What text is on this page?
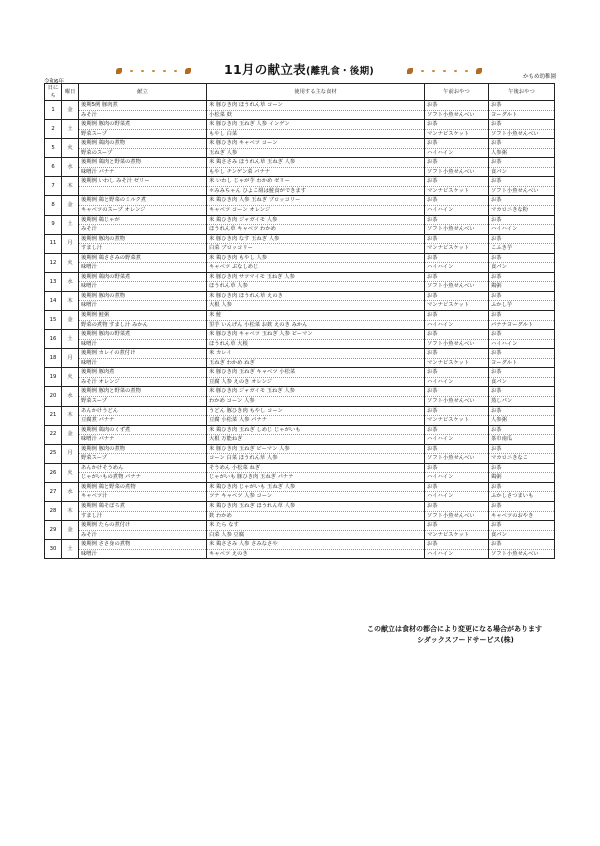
11月の献立表(離乳食・後期)
令和6年
かもめ幼稚園
日にち	曜日	献立	使用する主な食材	午前おやつ	午後おやつ
1	金	後期5例 豚肉煮	米 豚ひき肉 ほうれん草 コーン	お茶	お茶
		みそ汁	小松菜 麸	ソフト小魚せんべい	ヨーグルト
2	土	後期例 豚肉の野菜煮	米 豚ひき肉 玉ねぎ 人参 インゲン	お茶	お茶
		野菜スープ	もやし 白菜	マンナビスケット	ソフト小魚せんべい
5	火	後期例 鶏肉の煮物	米 豚ひき肉 キャベツ コーン	お茶	お茶
		野菜のスープ	玉ねぎ 人参	ハイハイン	人参粥
6	水	後期例 鶏肉と野菜の煮物	米 鶏ささみ ほうれん草 玉ねぎ 人参	お茶	お茶
		味噌汁 バナナ	もやし チンゲン菜 バナナ	ソフト小魚せんべい	食パン
7	木	後期例 いわし みそ汁 ゼリー	米 いわし じゃが芋 わかめ ゼリー	お茶	お茶
			＊みみちゃん ひよこ組は鮭食ができます	マンナビスケット	ソフト小魚せんべい
8	金	後期例 鶏と野菜のミルク煮	米 鶏ひき肉 人参 玉ねぎ ブロッコリー	お茶	お茶
		キャベツのスープ オレンジ	キャベツ コーン オレンジ	ハイハイン	マカロニきな粉
9	土	後期例 鶏じゃが	米 鶏ひき肉 ジャガイモ 人参	お茶	お茶
		みそ汁	ほうれん草 キャベツ わかめ	ソフト小魚せんべい	ハイハイン
11	月	後期例 豚肉の煮物	米 豚ひき肉 なす 玉ねぎ 人参	お茶	お茶
		すまし汁	白菜 ブロッコリー	マンナビスケット	こふき芋
12	火	後期例 鶏ささみの野菜煮	米 鶏ひき肉 もやし 人参	お茶	お茶
		味噌汁	キャベツ ぶなしめじ	ハイハイン	食パン
13	水	後期例 鶏肉の野菜煮	米 豚ひき肉 サツマイモ 玉ねぎ 人参	お茶	お茶
		味噌汁	ほうれん草 人参	ソフト小魚せんべい	鶏粥
14	木	後期例 豚肉の煮物	米 豚ひき肉 ほうれん草 えのき	お茶	お茶
		味噌汁	大根 人参	マンナビスケット	ふかし芋
15	金	後期例 鮭粥	米 鮭	お茶	お茶
		野菜の煮物 すまし汁 みかん	里芋 いんげん 小松菜 お麸 えのき みかん	ハイハイン	バナナヨーグルト
16	土	後期例 豚肉の野菜煮	米 豚ひき肉 キャベツ 玉ねぎ 人参 ピーマン	お茶	お茶
		味噌汁	ほうれん草 大根	ソフト小魚せんべい	ハイハイン
18	月	後期例 カレイの煮付け	米 カレイ	お茶	お茶
		味噌汁	玉ねぎ わかめ ねぎ	マンナビスケット	ヨーグルト
19	火	後期例 豚肉煮	米 豚ひき肉 玉ねぎ キャベツ 小松菜	お茶	お茶
		みそ汁 オレンジ	豆腐 人参 えのき オレンジ	ハイハイン	食パン
20	水	後期例 豚肉と野菜の煮物	米 豚ひき肉 ジャガイモ 玉ねぎ 人参	お茶	お茶
		野菜スープ	わかめ コーン 人参	ソフト小魚せんべい	蒸しパン
21	木	あんかけうどん	うどん 豚ひき肉 もやし コーン	お茶	お茶
		豆腐煮 バナナ	豆腐 小松菜 人参 バナナ	マンナビスケット	人参粥
22	金	後期例 鶏肉のくず煮	米 鶏ひき肉 玉ねぎ しめじ じゃがいも	お茶	お茶
		味噌汁 バナナ	大根 万能ねぎ	ハイハイン	茶巾南瓜
25	月	後期例 豚肉の煮物	米 豚ひき肉 玉ねぎ ピーマン 人参	お茶	お茶
		野菜スープ	コーン 白菜 ほうれん草 人参	ソフト小魚せんべい	マカロニきなこ
26	火	あんかけそうめん	そうめん 小松菜 ねぎ	お茶	お茶
		じゃがいもの煮物 バナナ	じゃがいも 豚ひき肉 玉ねぎ バナナ	ハイハイン	鶏粥
27	水	後期例 鶏と野菜の煮物	米 鶏ひき肉 じゃがいも 玉ねぎ 人参	お茶	お茶
		キャベツ汁	ツナ キャベツ 人参 コーン	ハイハイン	ふかしさつまいも
28	木	後期例 鶏そぼろ煮	米 鶏ひき肉 玉ねぎ ほうれん草 人参	お茶	お茶
		すまし汁	麸 わかめ	ソフト小魚せんべい	キャベツのおやき
29	金	後期例 たらの煮付け	米 たら なす	お茶	お茶
		みそ汁	白菜 人参 豆腐	マンナビスケット	食パン
30	土	後期例 ささ身の煮物	米 鶏ささみ 人参 さみなさや	お茶	お茶
		味噌汁	キャベツ えのき	ハイハイン	ソフト小魚せんべい
この献立は食材の都合により変更になる場合があります
シダックスフードサービス(株)
